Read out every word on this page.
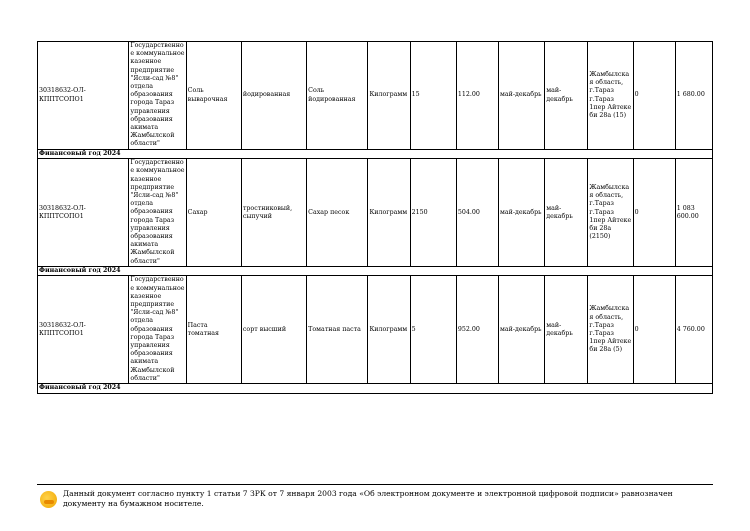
30318632-ОЛ-КППТСОПО1	Государственное коммунальное казенное предприятие "Ясли-сад №8" отдела образования города Тараз управления образования акимата Жамбылской области"	Соль выварочная	йодированная	Соль йодированная	Килограмм	15	112.00	май-декабрь	май-декабрь	Жамбылская область, г.Тараз г.Тараз 1пер Айтеке би 28а (15)	0	1 680.00
Финансовый год 2024												
30318632-ОЛ-КППТСОПО1	Государственное коммунальное казенное предприятие "Ясли-сад №8" отдела образования города Тараз управления образования акимата Жамбылской области"	Сахар	тростниковый, сыпучий	Сахар песок	Килограмм	2150	504.00	май-декабрь	май-декабрь	Жамбылская область, г.Тараз г.Тараз 1пер Айтеке би 28а (2150)	0	1 083 600.00
Финансовый год 2024												
30318632-ОЛ-КППТСОПО1	Государственное коммунальное казенное предприятие "Ясли-сад №8" отдела образования города Тараз управления образования акимата Жамбылской области"	Паста томатная	сорт высший	Томатная паста	Килограмм	5	952.00	май-декабрь	май-декабрь	Жамбылская область, г.Тараз г.Тараз 1пер Айтеке би 28а (5)	0	4 760.00
Финансовый год 2024												
Данный документ согласно пункту 1 статьи 7 ЗРК от 7 января 2003 года «Об электронном документе и электронной цифровой подписи» равнозначен документу на бумажном носителе.
